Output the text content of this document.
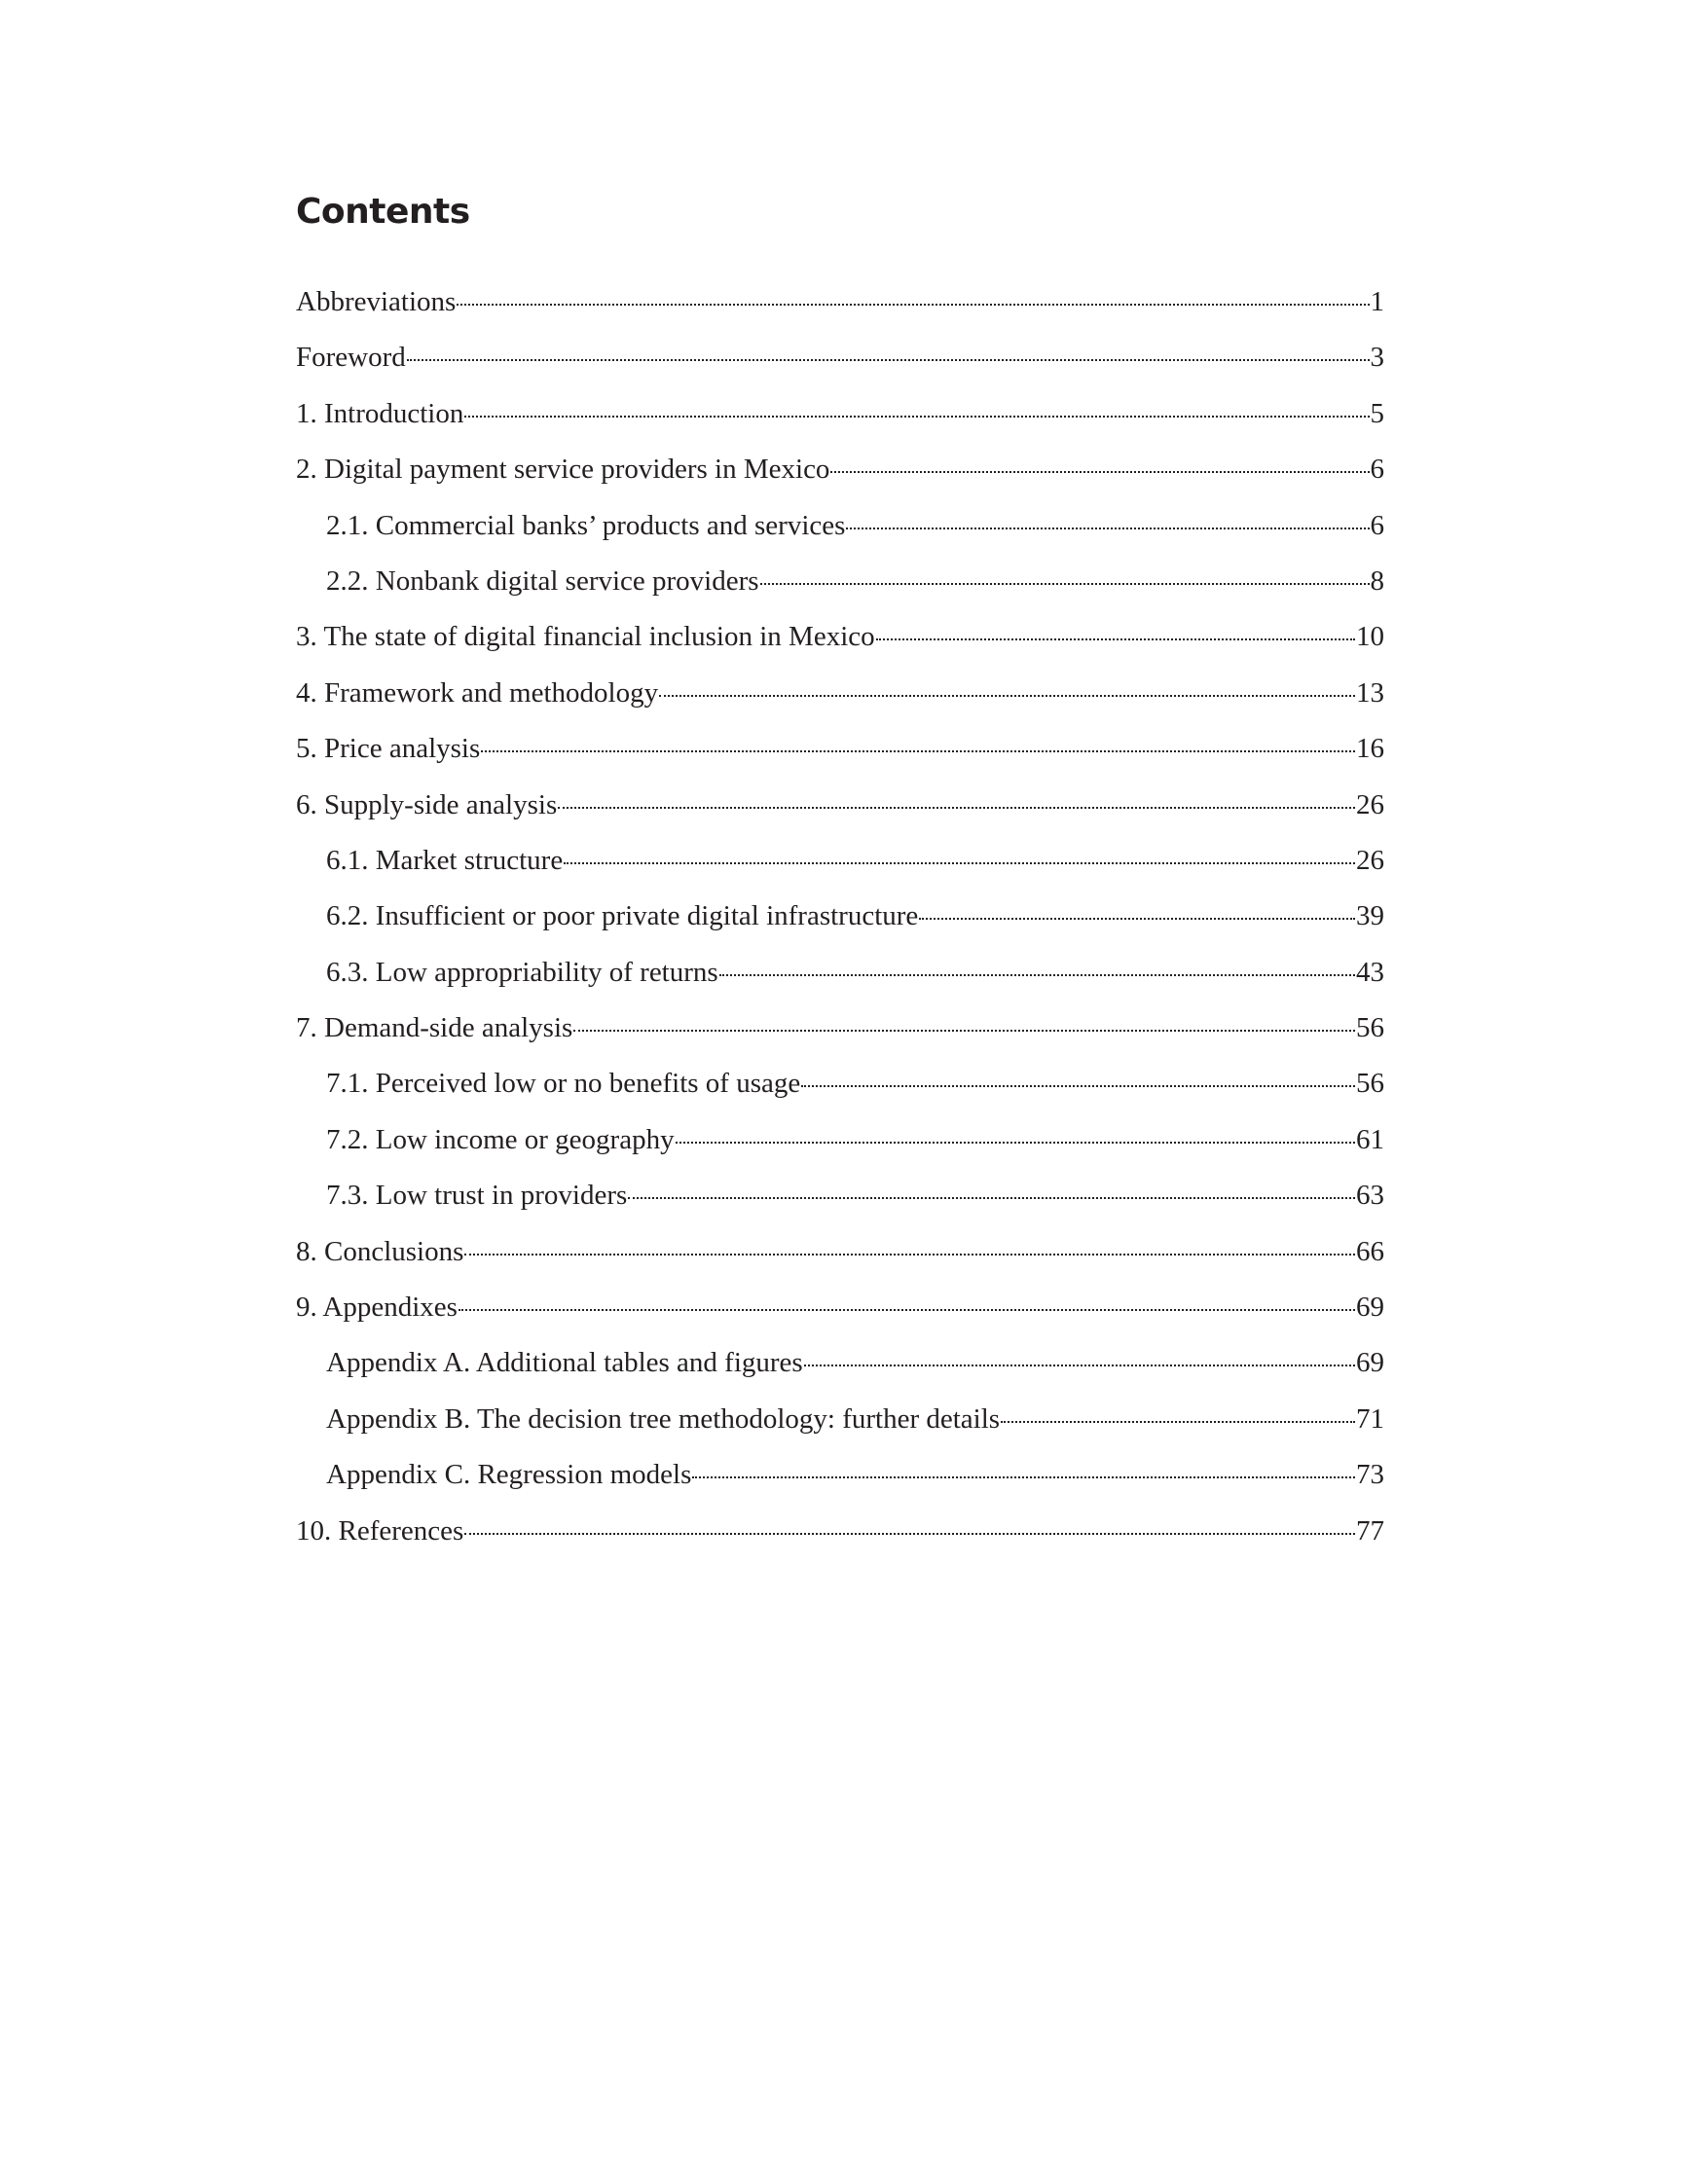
Contents
Abbreviations	1
Foreword	3
1. Introduction	5
2. Digital payment service providers in Mexico	6
2.1. Commercial banks’ products and services	6
2.2. Nonbank digital service providers	8
3. The state of digital financial inclusion in Mexico	10
4. Framework and methodology	13
5. Price analysis	16
6. Supply-side analysis	26
6.1. Market structure	26
6.2. Insufficient or poor private digital infrastructure	39
6.3. Low appropriability of returns	43
7. Demand-side analysis	56
7.1. Perceived low or no benefits of usage	56
7.2. Low income or geography	61
7.3. Low trust in providers	63
8. Conclusions	66
9. Appendixes	69
Appendix A. Additional tables and figures	69
Appendix B. The decision tree methodology: further details	71
Appendix C. Regression models	73
10. References	77
